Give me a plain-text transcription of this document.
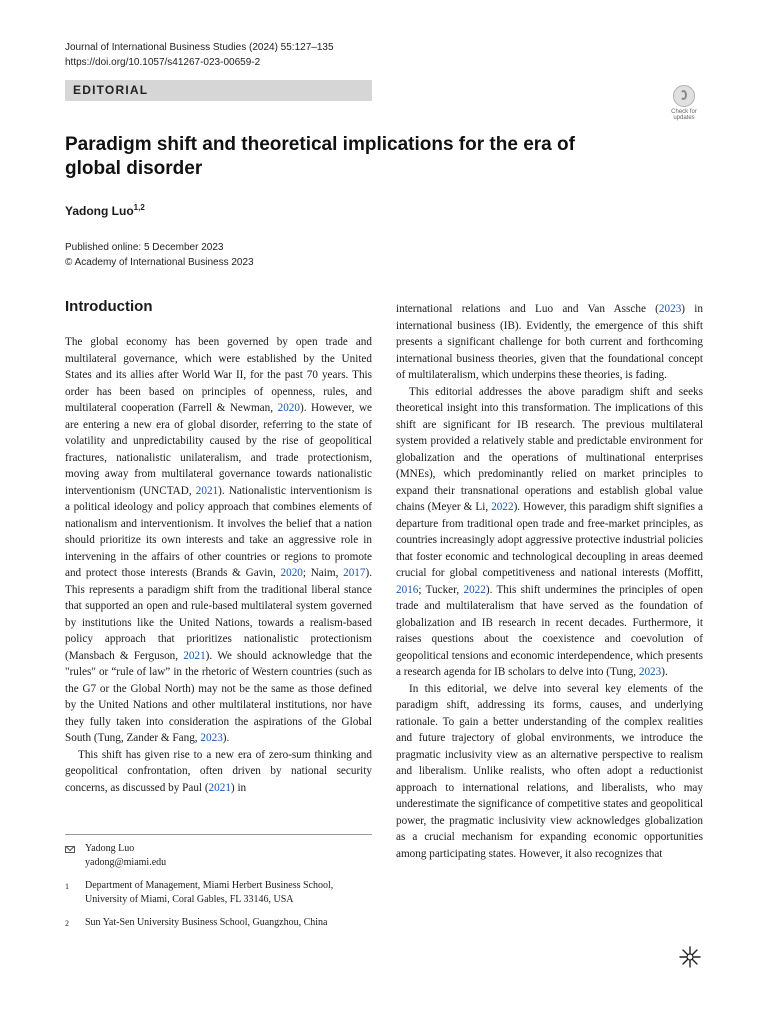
Journal of International Business Studies (2024) 55:127–135
https://doi.org/10.1057/s41267-023-00659-2
EDITORIAL
Check for
updates
Paradigm shift and theoretical implications for the era of global disorder
Yadong Luo$^{1,2}$
Published online: 5 December 2023
© Academy of International Business 2023
Introduction

The global economy has been governed by open trade and multilateral governance, which were established by the United States and its allies after World War II, for the past 70 years. This order has been based on principles of openness, rules, and multilateral cooperation (Farrell & Newman, 2020). However, we are entering a new era of global disorder, referring to the state of volatility and unpredictability caused by the rise of geopolitical fractures, nationalistic unilateralism, and trade protectionism, moving away from multilateral governance towards nationalistic interventionism (UNCTAD, 2021). Nationalistic interventionism is a political ideology and policy approach that combines elements of nationalism and interventionism. It involves the belief that a nation should prioritize its own interests and take an aggressive role in intervening in the affairs of other countries or regions to promote and protect those interests (Brands & Gavin, 2020; Naim, 2017). This represents a paradigm shift from the traditional liberal stance that supported an open and rule-based multilateral system governed by institutions like the United Nations, towards a realism-based policy approach that prioritizes nationalistic protectionism (Mansbach & Ferguson, 2021). We should acknowledge that the "rules" or “rule of law” in the rhetoric of Western countries (such as the G7 or the Global North) may not be the same as those defined by the United Nations and other multilateral institutions, nor have they fully taken into consideration the aspirations of the Global South (Tung, Zander & Fang, 2023).

This shift has given rise to a new era of zero-sum thinking and geopolitical confrontation, often driven by national security concerns, as discussed by Paul (2021) in

international relations and Luo and Van Assche (2023) in international business (IB). Evidently, the emergence of this shift presents a significant challenge for both current and forthcoming international business theories, given that the foundational concept of multilateralism, which underpins these theories, is fading.

This editorial addresses the above paradigm shift and seeks theoretical insight into this transformation. The implications of this shift are significant for IB research. The previous multilateral system provided a relatively stable and predictable environment for globalization and the operations of multinational enterprises (MNEs), which predominantly relied on market principles to expand their transnational operations and establish global value chains (Meyer & Li, 2022). However, this paradigm shift signifies a departure from traditional open trade and free-market principles, as countries increasingly adopt aggressive protective industrial policies that foster economic and technological decoupling in areas deemed crucial for global competitiveness and national interests (Moffitt, 2016; Tucker, 2022). This shift undermines the principles of open trade and multilateralism that have served as the foundation of globalization and IB research in recent decades. Furthermore, it raises questions about the coexistence and coevolution of geopolitical tensions and economic interdependence, which presents a research agenda for IB scholars to delve into (Tung, 2023).

In this editorial, we delve into several key elements of the paradigm shift, addressing its forms, causes, and underlying rationale. To gain a better understanding of the complex realities and future trajectory of global environments, we introduce the pragmatic inclusivity view as an alternative perspective to realism and liberalism. Unlike realists, who often adopt a reductionist approach to international relations, and liberalists, who may underestimate the significance of competitive states and geopolitical power, the pragmatic inclusivity view acknowledges globalization as a crucial mechanism for expanding economic opportunities among participating states. However, it also recognizes that

Yadong Luo
yadong@miami.edu
1	Department of Management, Miami Herbert Business School, University of Miami, Coral Gables, FL 33146, USA
2	Sun Yat-Sen University Business School, Guangzhou, China
